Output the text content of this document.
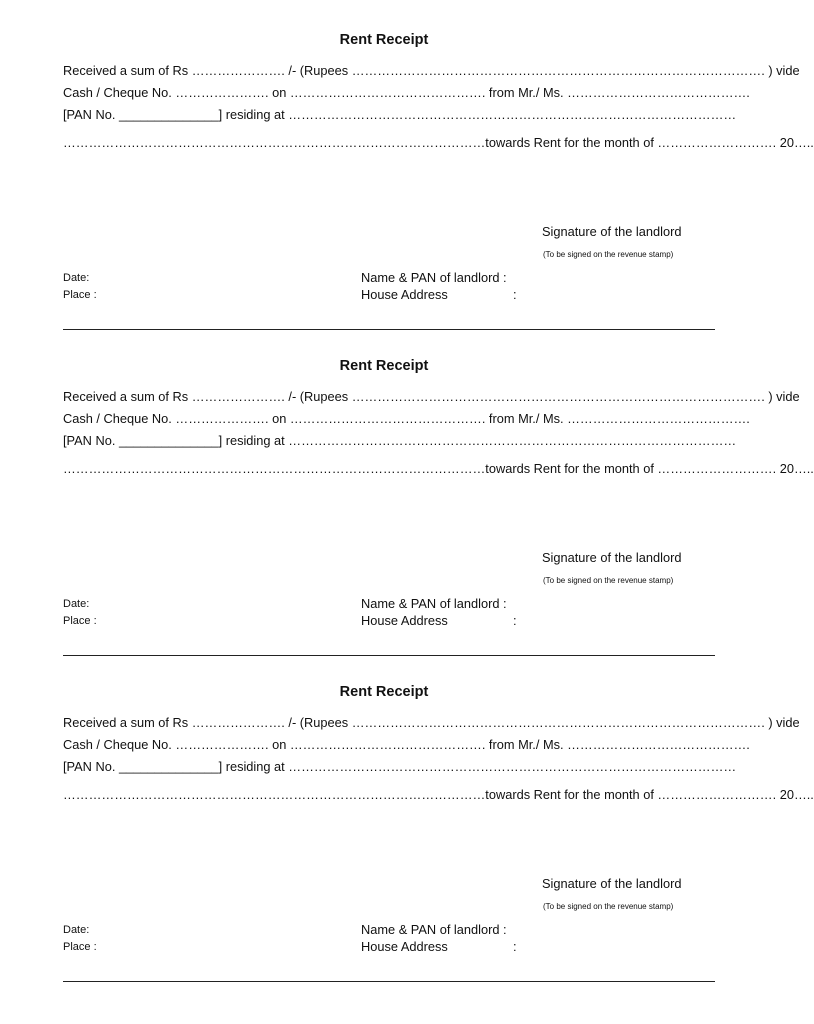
Rent Receipt
Received a sum of Rs …………………. /- (Rupees ……………………………………………………………………………………. ) vide
Cash / Cheque No. …………………. on ………………………………………. from Mr./ Ms. …………………………………….
[PAN No. ______________] residing at ……………………………………………………………………………………………
………………………………………………………………………………………towards Rent for the month of ………………………. 20…..
Signature of the landlord
(To be signed on the revenue stamp)
Date:
Place :
Name & PAN of landlord :
House Address	:
Rent Receipt
Received a sum of Rs …………………. /- (Rupees ……………………………………………………………………………………. ) vide
Cash / Cheque No. …………………. on ………………………………………. from Mr./ Ms. …………………………………….
[PAN No. ______________] residing at ……………………………………………………………………………………………
………………………………………………………………………………………towards Rent for the month of ………………………. 20…..
Signature of the landlord
(To be signed on the revenue stamp)
Date:
Place :
Name & PAN of landlord :
House Address	:
Rent Receipt
Received a sum of Rs …………………. /- (Rupees ……………………………………………………………………………………. ) vide
Cash / Cheque No. …………………. on ………………………………………. from Mr./ Ms. …………………………………….
[PAN No. ______________] residing at ……………………………………………………………………………………………
………………………………………………………………………………………towards Rent for the month of ………………………. 20…..
Signature of the landlord
(To be signed on the revenue stamp)
Date:
Place :
Name & PAN of landlord :
House Address	:
